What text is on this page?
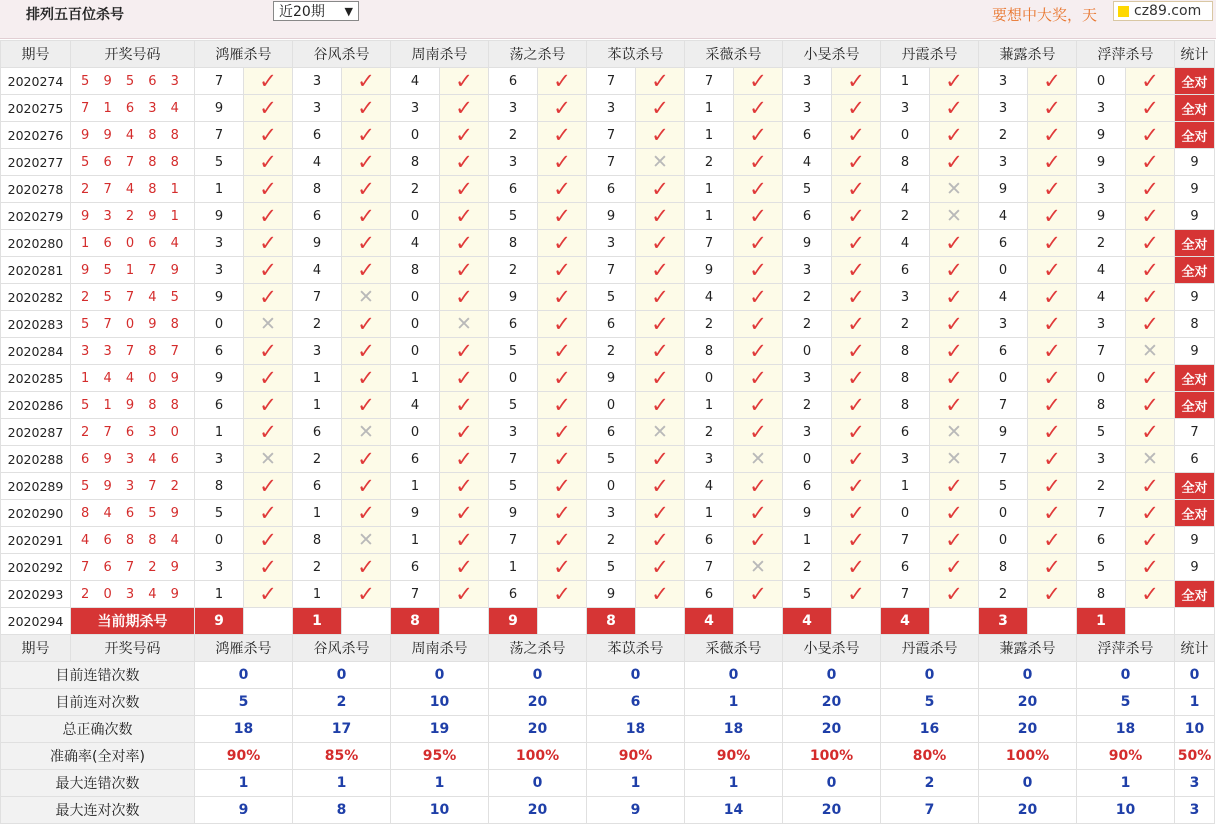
排列五百位杀号	近20期 ▼	要想中大奖，天	cz89.com
期号	开奖号码	鸿雁杀号		谷风杀号		周南杀号		荡之杀号		苯苡杀号		采薇杀号		小旻杀号		丹霞杀号		蒹露杀号		浮萍杀号		统计
2020274	5 9 5 6 3	7	✓	3	✓	4	✓	6	✓	7	✓	7	✓	3	✓	1	✓	3	✓	0	✓	全对
2020275	7 1 6 3 4	9	✓	3	✓	3	✓	3	✓	3	✓	1	✓	3	✓	3	✓	3	✓	3	✓	全对
2020276	9 9 4 8 8	7	✓	6	✓	0	✓	2	✓	7	✓	1	✓	6	✓	0	✓	2	✓	9	✓	全对
2020277	5 6 7 8 8	5	✓	4	✓	8	✓	3	✓	7	✕	2	✓	4	✓	8	✓	3	✓	9	✓	9
2020278	2 7 4 8 1	1	✓	8	✓	2	✓	6	✓	6	✓	1	✓	5	✓	4	✕	9	✓	3	✓	9
2020279	9 3 2 9 1	9	✓	6	✓	0	✓	5	✓	9	✓	1	✓	6	✓	2	✕	4	✓	9	✓	9
2020280	1 6 0 6 4	3	✓	9	✓	4	✓	8	✓	3	✓	7	✓	9	✓	4	✓	6	✓	2	✓	全对
2020281	9 5 1 7 9	3	✓	4	✓	8	✓	2	✓	7	✓	9	✓	3	✓	6	✓	0	✓	4	✓	全对
2020282	2 5 7 4 5	9	✓	7	✕	0	✓	9	✓	5	✓	4	✓	2	✓	3	✓	4	✓	4	✓	9
2020283	5 7 0 9 8	0	✕	2	✓	0	✕	6	✓	6	✓	2	✓	2	✓	2	✓	3	✓	3	✓	8
2020284	3 3 7 8 7	6	✓	3	✓	0	✓	5	✓	2	✓	8	✓	0	✓	8	✓	6	✓	7	✕	9
2020285	1 4 4 0 9	9	✓	1	✓	1	✓	0	✓	9	✓	0	✓	3	✓	8	✓	0	✓	0	✓	全对
2020286	5 1 9 8 8	6	✓	1	✓	4	✓	5	✓	0	✓	1	✓	2	✓	8	✓	7	✓	8	✓	全对
2020287	2 7 6 3 0	1	✓	6	✕	0	✓	3	✓	6	✕	2	✓	3	✓	6	✕	9	✓	5	✓	7
2020288	6 9 3 4 6	3	✕	2	✓	6	✓	7	✓	5	✓	3	✕	0	✓	3	✕	7	✓	3	✕	6
2020289	5 9 3 7 2	8	✓	6	✓	1	✓	5	✓	0	✓	4	✓	6	✓	1	✓	5	✓	2	✓	全对
2020290	8 4 6 5 9	5	✓	1	✓	9	✓	9	✓	3	✓	1	✓	9	✓	0	✓	0	✓	7	✓	全对
2020291	4 6 8 8 4	0	✓	8	✕	1	✓	7	✓	2	✓	6	✓	1	✓	7	✓	0	✓	6	✓	9
2020292	7 6 7 2 9	3	✓	2	✓	6	✓	1	✓	5	✓	7	✕	2	✓	6	✓	8	✓	5	✓	9
2020293	2 0 3 4 9	1	✓	1	✓	7	✓	6	✓	9	✓	6	✓	5	✓	7	✓	2	✓	8	✓	全对
2020294	当前期杀号	9		1		8		9		8		4		4		4		3		1		
期号	开奖号码	鸿雁杀号		谷风杀号		周南杀号		荡之杀号		苯苡杀号		采薇杀号		小旻杀号		丹霞杀号		蒹露杀号		浮萍杀号		统计
目前连错次数		0		0		0		0		0		0		0		0		0		0		0
目前连对次数		5		2		10		20		6		1		20		5		20		5		1
总正确次数		18		17		19		20		18		18		20		16		20		18		10
准确率(全对率)		90%		85%		95%		100%		90%		90%		100%		80%		100%		90%		50%
最大连错次数		1		1		1		0		1		1		0		2		0		1		3
最大连对次数		9		8		10		20		9		14		20		7		20		10		3
